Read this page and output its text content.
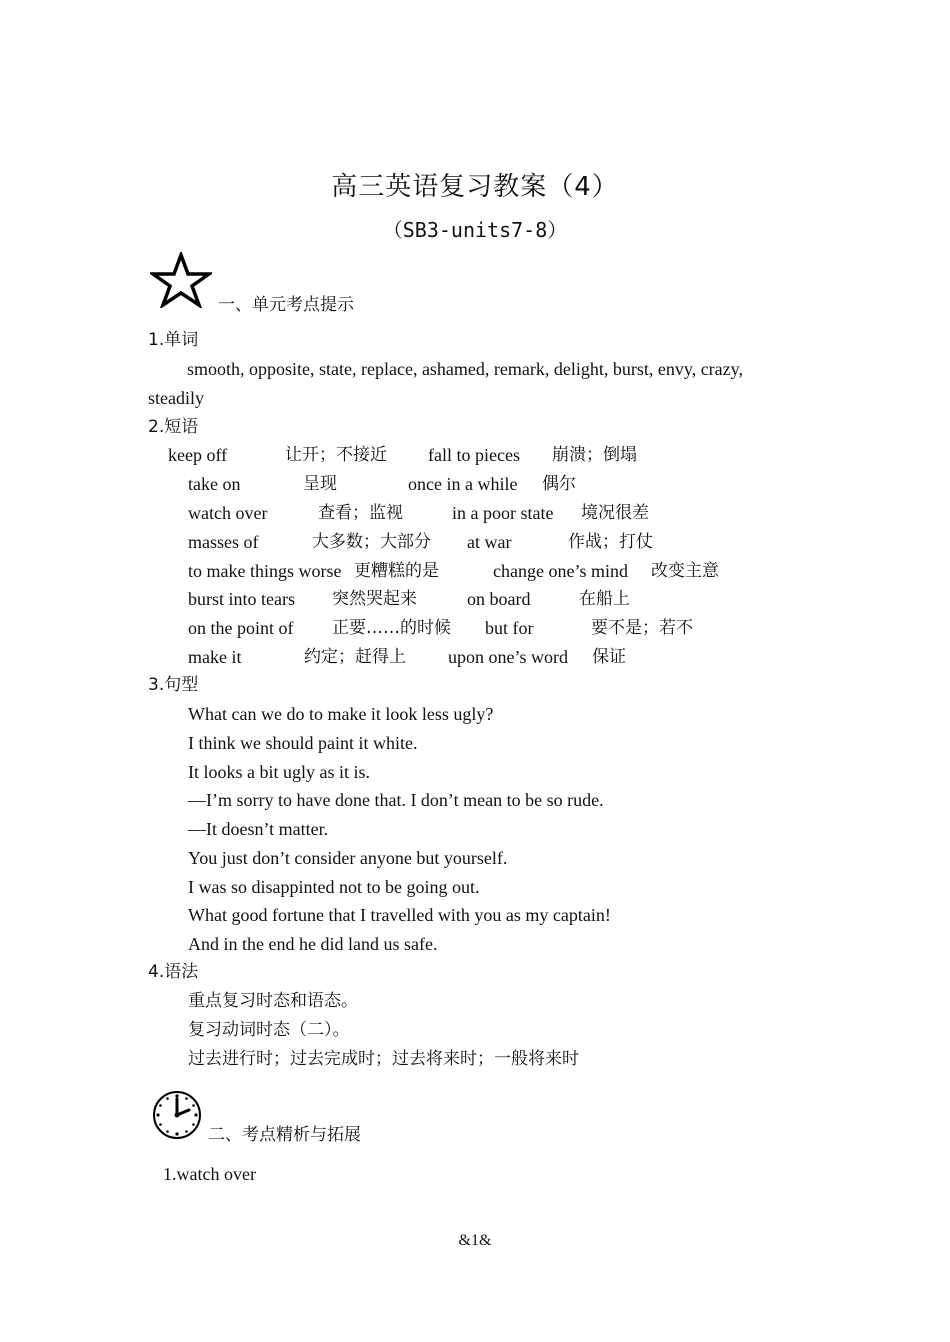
高三英语复习教案（4）
（SB3-units7-8）
一、单元考点提示
1.单词
smooth, opposite, state, replace, ashamed, remark, delight, burst, envy, crazy,
steadily
2.短语
keep off	让开；不接近 fall to pieces 崩溃；倒塌
take on	呈现	once in a while 偶尔
watch over	查看；监视	in a poor state 境况很差
masses of	大多数；大部分 at war	作战；打仗
to make things worse 更糟糕的是	change one’s mind 改变主意
burst into tears 突然哭起来	on board	在船上
on the point of 正要……的时候 but for	要不是；若不
make it	约定；赶得上 upon one’s word 保证
3.句型
What can we do to make it look less ugly?
I think we should paint it white.
It looks a bit ugly as it is.
—I’m sorry to have done that. I don’t mean to be so rude.
—It doesn’t matter.
You just don’t consider anyone but yourself.
I was so disappinted not to be going out.
What good fortune that I travelled with you as my captain!
And in the end he did land us safe.
4.语法
重点复习时态和语态。
复习动词时态（二）。
过去进行时；过去完成时；过去将来时；一般将来时
二、考点精析与拓展
1.watch over
&1&
